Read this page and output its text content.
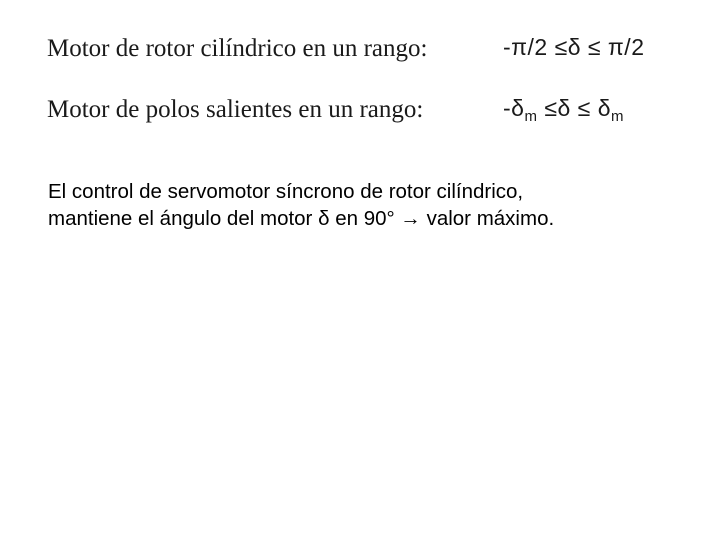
Motor de rotor cilíndrico en un rango:	-π/2 ≤δ ≤ π/2
Motor de polos salientes en un rango:	$-\delta_m \le\delta \le \delta_m$
El control de servomotor síncrono de rotor cilíndrico,
mantiene el ángulo del motor δ en 90° → valor máximo.
